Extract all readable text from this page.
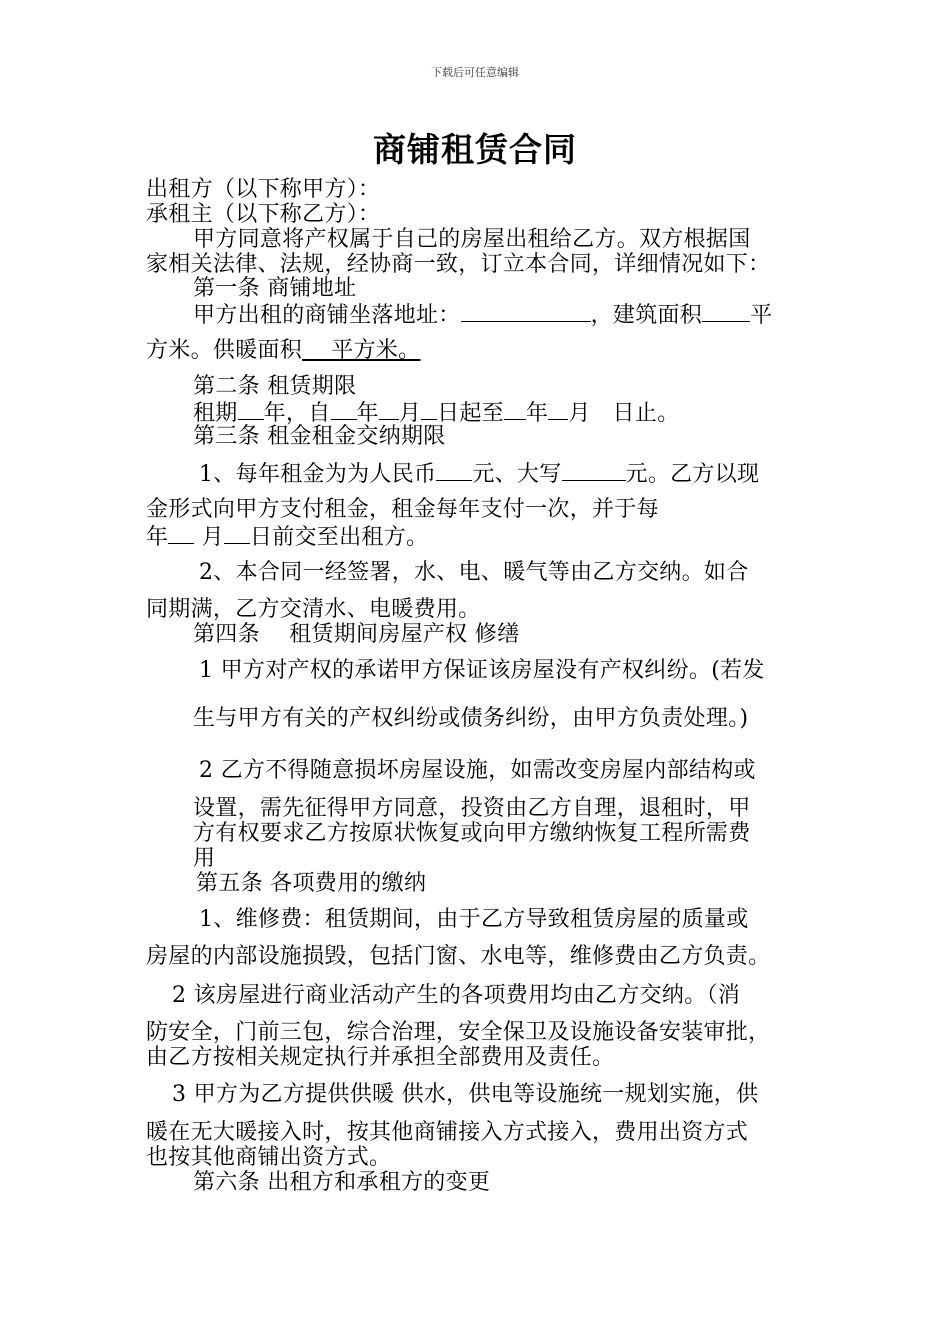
下载后可任意编辑
商铺租赁合同
出租方（以下称甲方）：
承租主（以下称乙方）：
甲方同意将产权属于自己的房屋出租给乙方。双方根据国
家相关法律、法规，经协商一致，订立本合同，详细情况如下：
第一条 商铺地址
甲方出租的商铺坐落地址：	，建筑面积 平
方米。供暖面积    平方米。
第二条 租赁期限
租期 年，自 年 月 日起至 年 月   日止。
第三条 租金租金交纳期限
1、每年租金为为人民币 元、大写	元。乙方以现
金形式向甲方支付租金，租金每年支付一次，并于每
年 月 日前交至出租方。
2、本合同一经签署，水、电、暖气等由乙方交纳。如合
同期满，乙方交清水、电暖费用。
第四条    租赁期间房屋产权 修缮
1 甲方对产权的承诺甲方保证该房屋没有产权纠纷。(若发
生与甲方有关的产权纠纷或债务纠纷，由甲方负责处理。)
2 乙方不得随意损坏房屋设施，如需改变房屋内部结构或
设置，需先征得甲方同意，投资由乙方自理，退租时，甲
方有权要求乙方按原状恢复或向甲方缴纳恢复工程所需费
用
第五条 各项费用的缴纳
1、维修费：租赁期间，由于乙方导致租赁房屋的质量或
房屋的内部设施损毁，包括门窗、水电等，维修费由乙方负责。
2 该房屋进行商业活动产生的各项费用均由乙方交纳。（消
防安全，门前三包，综合治理，安全保卫及设施设备安装审批，
由乙方按相关规定执行并承担全部费用及责任。
3 甲方为乙方提供供暖 供水，供电等设施统一规划实施，供
暖在无大暖接入时，按其他商铺接入方式接入，费用出资方式
也按其他商铺出资方式。
第六条 出租方和承租方的变更
